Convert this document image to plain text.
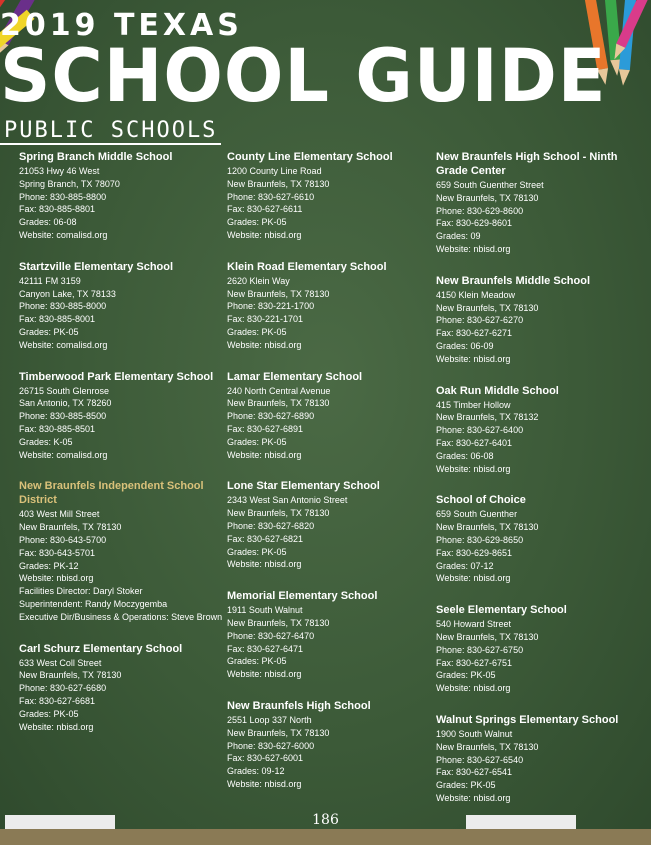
2019 TEXAS
SCHOOL GUIDE
PUBLIC SCHOOLS
Spring Branch Middle School
21053 Hwy 46 West
Spring Branch, TX 78070
Phone: 830-885-8800
Fax: 830-885-8801
Grades: 06-08
Website: comalisd.org
Startzville Elementary School
42111 FM 3159
Canyon Lake, TX 78133
Phone: 830-885-8000
Fax: 830-885-8001
Grades: PK-05
Website: comalisd.org
Timberwood Park Elementary School
26715 South Glenrose
San Antonio, TX 78260
Phone: 830-885-8500
Fax: 830-885-8501
Grades: K-05
Website: comalisd.org
New Braunfels Independent School District
403 West Mill Street
New Braunfels, TX 78130
Phone: 830-643-5700
Fax: 830-643-5701
Grades: PK-12
Website: nbisd.org
Facilities Director: Daryl Stoker
Superintendent: Randy Moczygemba
Executive Dir/Business & Operations: Steve Brown
Carl Schurz Elementary School
633 West Coll Street
New Braunfels, TX 78130
Phone: 830-627-6680
Fax: 830-627-6681
Grades: PK-05
Website: nbisd.org
County Line Elementary School
1200 County Line Road
New Braunfels, TX 78130
Phone: 830-627-6610
Fax: 830-627-6611
Grades: PK-05
Website: nbisd.org
Klein Road Elementary School
2620 Klein Way
New Braunfels, TX 78130
Phone: 830-221-1700
Fax: 830-221-1701
Grades: PK-05
Website: nbisd.org
Lamar Elementary School
240 North Central Avenue
New Braunfels, TX 78130
Phone: 830-627-6890
Fax: 830-627-6891
Grades: PK-05
Website: nbisd.org
Lone Star Elementary School
2343 West San Antonio Street
New Braunfels, TX 78130
Phone: 830-627-6820
Fax: 830-627-6821
Grades: PK-05
Website: nbisd.org
Memorial Elementary School
1911 South Walnut
New Braunfels, TX 78130
Phone: 830-627-6470
Fax: 830-627-6471
Grades: PK-05
Website: nbisd.org
New Braunfels High School
2551 Loop 337 North
New Braunfels, TX 78130
Phone: 830-627-6000
Fax: 830-627-6001
Grades: 09-12
Website: nbisd.org
New Braunfels High School - Ninth Grade Center
659 South Guenther Street
New Braunfels, TX 78130
Phone: 830-629-8600
Fax: 830-629-8601
Grades: 09
Website: nbisd.org
New Braunfels Middle School
4150 Klein Meadow
New Braunfels, TX 78130
Phone: 830-627-6270
Fax: 830-627-6271
Grades: 06-09
Website: nbisd.org
Oak Run Middle School
415 Timber Hollow
New Braunfels, TX 78132
Phone: 830-627-6400
Fax: 830-627-6401
Grades: 06-08
Website: nbisd.org
School of Choice
659 South Guenther
New Braunfels, TX 78130
Phone: 830-629-8650
Fax: 830-629-8651
Grades: 07-12
Website: nbisd.org
Seele Elementary School
540 Howard Street
New Braunfels, TX 78130
Phone: 830-627-6750
Fax: 830-627-6751
Grades: PK-05
Website: nbisd.org
Walnut Springs Elementary School
1900 South Walnut
New Braunfels, TX 78130
Phone: 830-627-6540
Fax: 830-627-6541
Grades: PK-05
Website: nbisd.org
186
